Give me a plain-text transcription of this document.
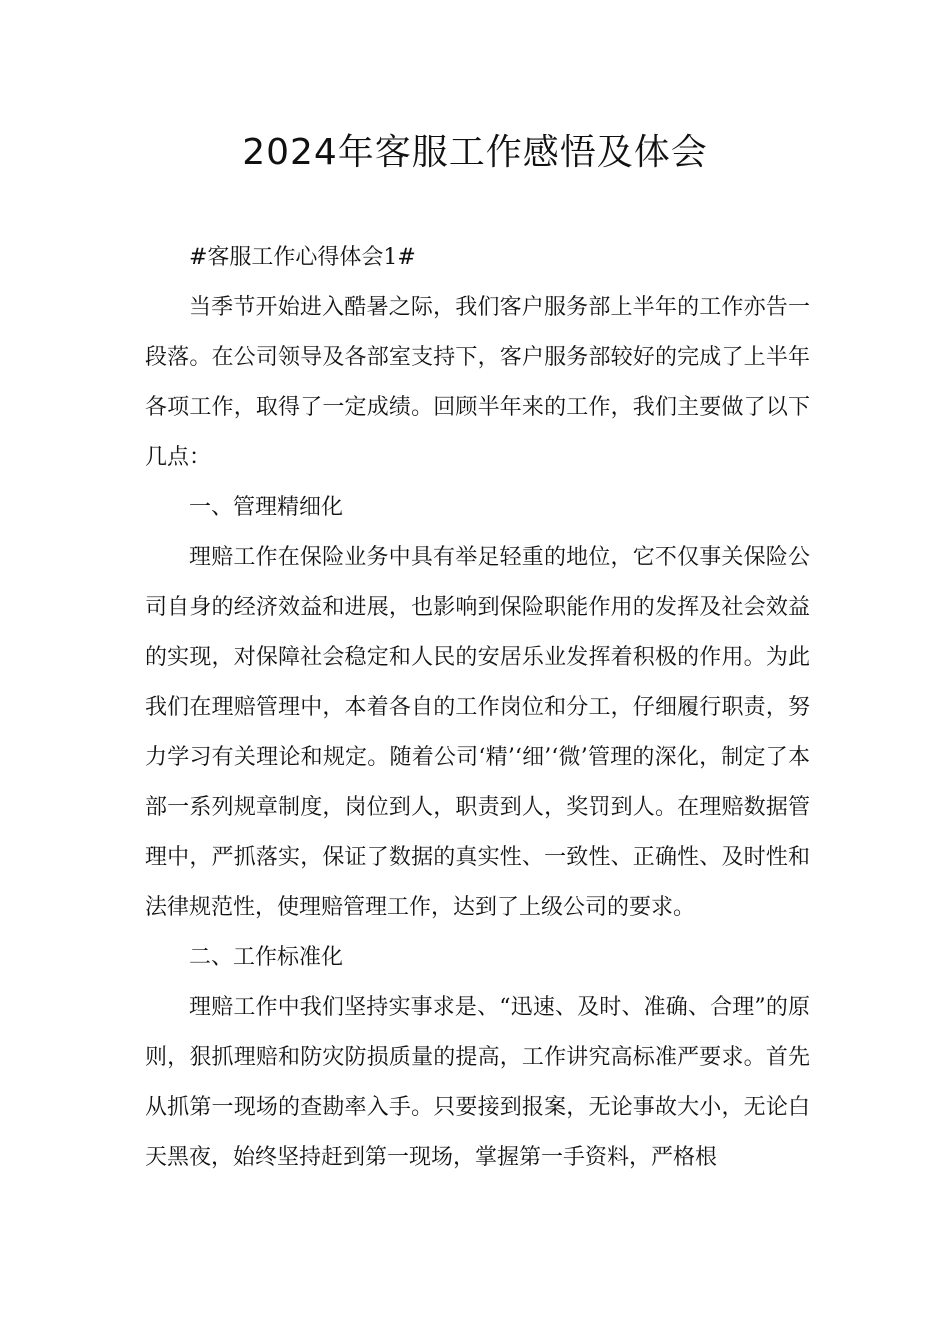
2024年客服工作感悟及体会

#客服工作心得体会1#

当季节开始进入酷暑之际，我们客户服务部上半年的工作亦告一段落。在公司领导及各部室支持下，客户服务部较好的完成了上半年各项工作，取得了一定成绩。回顾半年来的工作，我们主要做了以下几点：

一、管理精细化

理赔工作在保险业务中具有举足轻重的地位，它不仅事关保险公司自身的经济效益和进展，也影响到保险职能作用的发挥及社会效益的实现，对保障社会稳定和人民的安居乐业发挥着积极的作用。为此我们在理赔管理中，本着各自的工作岗位和分工，仔细履行职责，努力学习有关理论和规定。随着公司‘精’‘细’‘微’管理的深化，制定了本部一系列规章制度，岗位到人，职责到人，奖罚到人。在理赔数据管理中，严抓落实，保证了数据的真实性、一致性、正确性、及时性和法律规范性，使理赔管理工作，达到了上级公司的要求。

二、工作标准化

理赔工作中我们坚持实事求是、“迅速、及时、准确、合理”的原则，狠抓理赔和防灾防损质量的提高，工作讲究高标准严要求。首先从抓第一现场的查勘率入手。只要接到报案，无论事故大小，无论白天黑夜，始终坚持赶到第一现场，掌握第一手资料，严格根
